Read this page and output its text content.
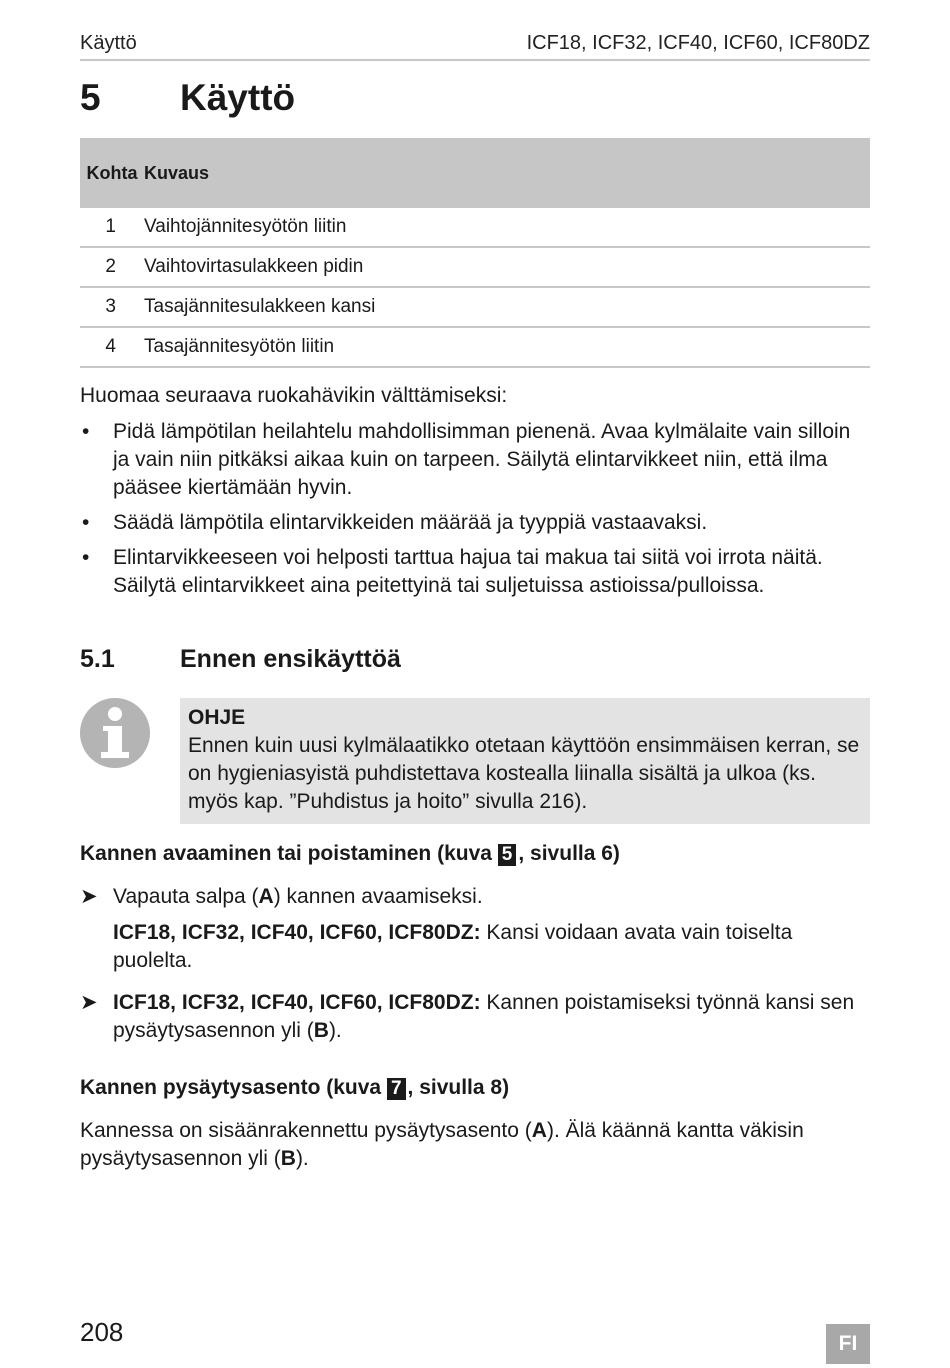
Käyttö	ICF18, ICF32, ICF40, ICF60, ICF80DZ
5 Käyttö
Kohta	Kuvaus
1	Vaihtojännitesyötön liitin
2	Vaihtovirtasulakkeen pidin
3	Tasajännitesulakkeen kansi
4	Tasajännitesyötön liitin
Huomaa seuraava ruokahävikin välttämiseksi:
• Pidä lämpötilan heilahtelu mahdollisimman pienenä. Avaa kylmälaite vain silloin ja vain niin pitkäksi aikaa kuin on tarpeen. Säilytä elintarvikkeet niin, että ilma pääsee kiertämään hyvin.
• Säädä lämpötila elintarvikkeiden määrää ja tyyppiä vastaavaksi.
• Elintarvikkeeseen voi helposti tarttua hajua tai makua tai siitä voi irrota näitä. Säilytä elintarvikkeet aina peitettyinä tai suljetuissa astioissa/pulloissa.
5.1	Ennen ensikäyttöä
OHJE
Ennen kuin uusi kylmälaatikko otetaan käyttöön ensimmäisen kerran, se on hygieniasyistä puhdistettava kostealla liinalla sisältä ja ulkoa (ks. myös kap. ”Puhdistus ja hoito” sivulla 216).
Kannen avaaminen tai poistaminen (kuva 5 , sivulla 6)
➤ Vapauta salpa (A) kannen avaamiseksi.
ICF18, ICF32, ICF40, ICF60, ICF80DZ: Kansi voidaan avata vain toiselta puolelta.
➤ ICF18, ICF32, ICF40, ICF60, ICF80DZ: Kannen poistamiseksi työnnä kansi sen pysäytysasennon yli (B).
Kannen pysäytysasento (kuva 7 , sivulla 8)
Kannessa on sisäänrakennettu pysäytysasento (A). Älä käännä kantta väkisin pysäytysasennon yli (B).
208	FI
